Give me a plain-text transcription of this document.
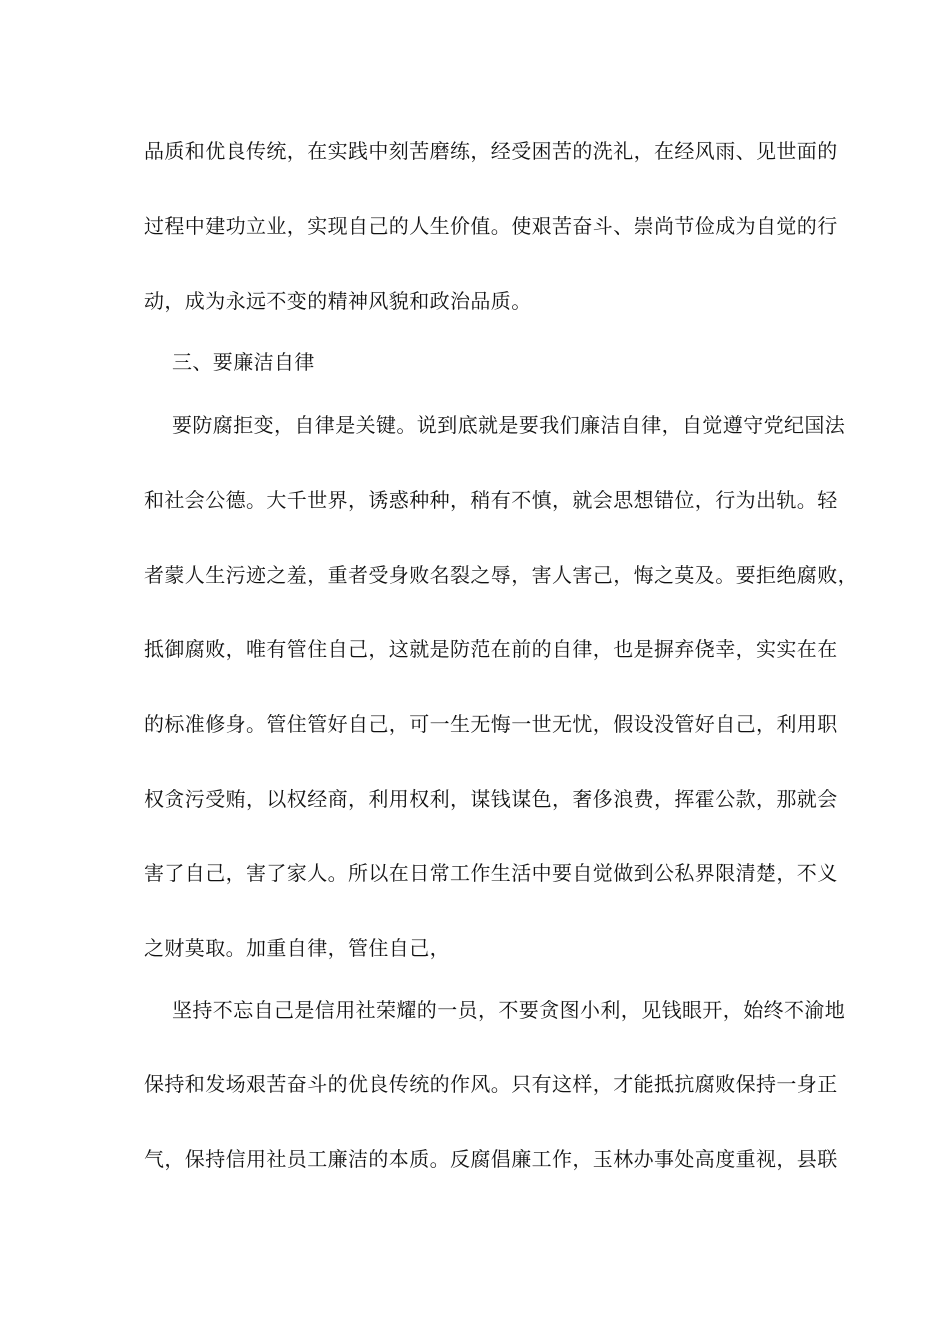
品质和优良传统，在实践中刻苦磨练，经受困苦的洗礼，在经风雨、见世面的
过程中建功立业，实现自己的人生价值。使艰苦奋斗、崇尚节俭成为自觉的行
动，成为永远不变的精神风貌和政治品质。
三、要廉洁自律
要防腐拒变，自律是关键。说到底就是要我们廉洁自律，自觉遵守党纪国法
和社会公德。大千世界，诱惑种种，稍有不慎，就会思想错位，行为出轨。轻
者蒙人生污迹之羞，重者受身败名裂之辱，害人害己，悔之莫及。要拒绝腐败，
抵御腐败，唯有管住自己，这就是防范在前的自律，也是摒弃侥幸，实实在在
的标准修身。管住管好自己，可一生无悔一世无忧，假设没管好自己，利用职
权贪污受贿，以权经商，利用权利，谋钱谋色，奢侈浪费，挥霍公款，那就会
害了自己，害了家人。所以在日常工作生活中要自觉做到公私界限清楚，不义
之财莫取。加重自律，管住自己，
坚持不忘自己是信用社荣耀的一员，不要贪图小利，见钱眼开，始终不渝地
保持和发场艰苦奋斗的优良传统的作风。只有这样，才能抵抗腐败保持一身正
气，保持信用社员工廉洁的本质。反腐倡廉工作，玉林办事处高度重视，县联
